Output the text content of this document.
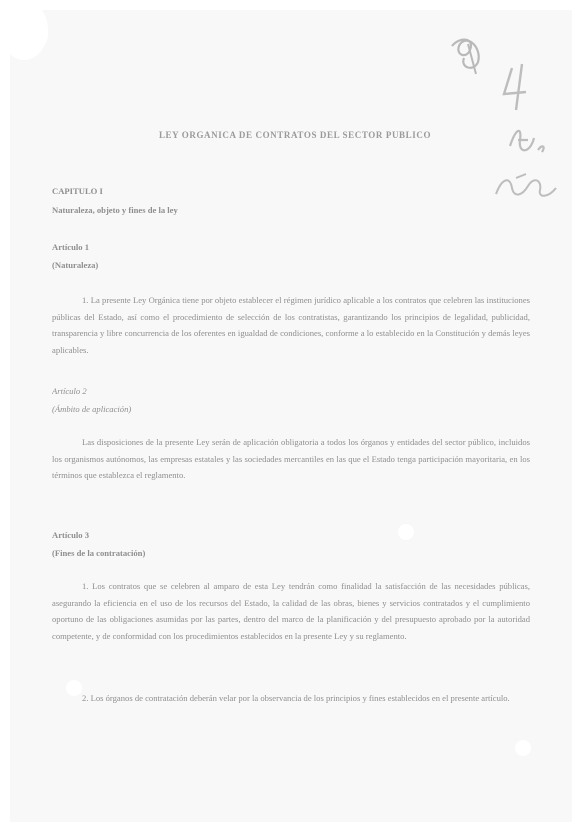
LEY ORGANICA DE CONTRATOS DEL SECTOR PUBLICO
CAPITULO I
Naturaleza, objeto y fines de la ley
Artículo 1
(Naturaleza)

1. La presente Ley Orgánica tiene por objeto establecer el régimen jurídico aplicable a los contratos que celebren las instituciones públicas del Estado, así como el procedimiento de selección de los contratistas, garantizando los principios de legalidad, publicidad, transparencia y libre concurrencia de los oferentes en igualdad de condiciones, conforme a lo establecido en la Constitución y demás leyes aplicables.

Artículo 2
(Ámbito de aplicación)

Las disposiciones de la presente Ley serán de aplicación obligatoria a todos los órganos y entidades del sector público, incluidos los organismos autónomos, las empresas estatales y las sociedades mercantiles en las que el Estado tenga participación mayoritaria, en los términos que establezca el reglamento.

Artículo 3
(Fines de la contratación)

1. Los contratos que se celebren al amparo de esta Ley tendrán como finalidad la satisfacción de las necesidades públicas, asegurando la eficiencia en el uso de los recursos del Estado, la calidad de las obras, bienes y servicios contratados y el cumplimiento oportuno de las obligaciones asumidas por las partes, dentro del marco de la planificación y del presupuesto aprobado por la autoridad competente, y de conformidad con los procedimientos establecidos en la presente Ley y su reglamento.

2. Los órganos de contratación deberán velar por la observancia de los principios y fines establecidos en el presente artículo.
